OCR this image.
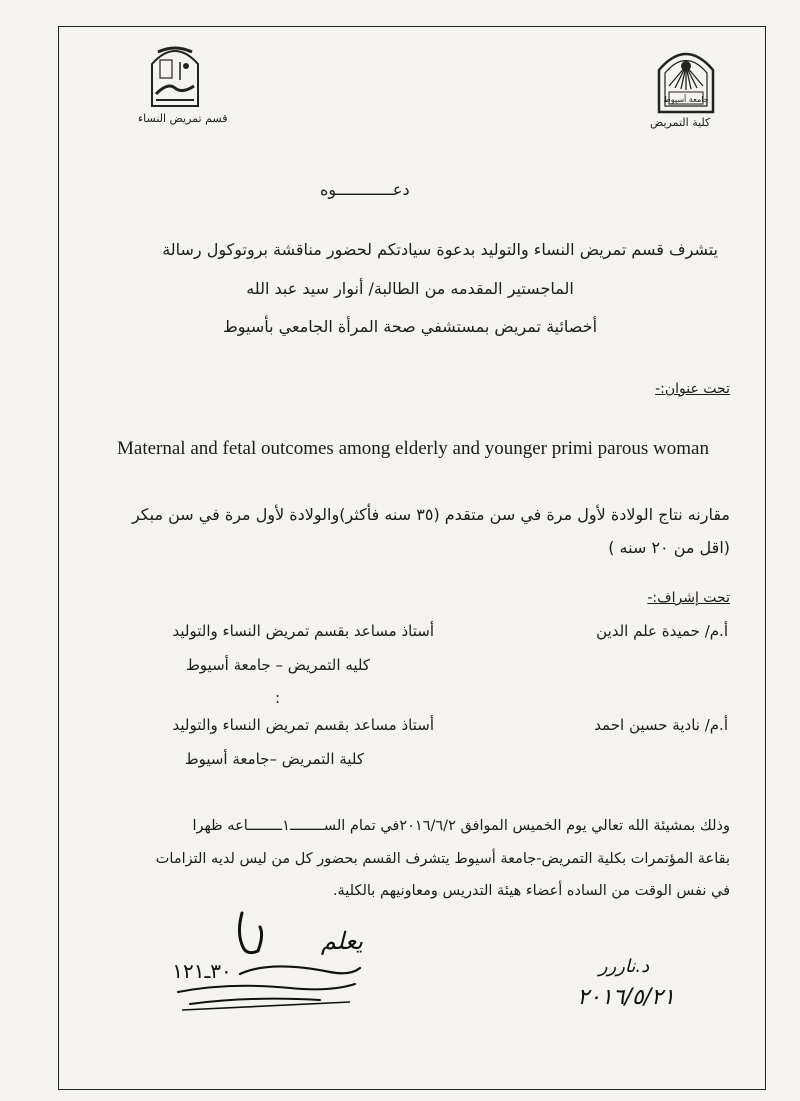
جامعة أسيوط
كلية التمريض
قسم تمريض النساء
دعــــــــــــوه
يتشرف قسم تمريض النساء والتوليد بدعوة سيادتكم لحضور مناقشة بروتوكول رسالة
الماجستير المقدمه من الطالبة/ أنوار سيد عبد الله
أخصائية تمريض بمستشفي صحة المرأة الجامعي بأسيوط
تحت عنوان:-
Maternal and fetal outcomes among elderly and younger primi parous woman
مقارنه نتاج الولادة لأول مرة في سن متقدم (٣٥ سنه فأكثر)والولادة لأول مرة في سن مبكر
(اقل من ٢٠ سنه )
تحت إشراف:-
أ.م/ حميدة علم الدين
أستاذ مساعد بقسم تمريض النساء والتوليد
كليه التمريض – جامعة أسيوط
:
أ.م/ نادية حسين احمد
أستاذ مساعد بقسم تمريض النساء والتوليد
كلية التمريض –جامعة أسيوط
وذلك بمشيئة الله تعالي يوم الخميس الموافق ٢٠١٦/٦/٢في تمام الســــــــ١ــــــــاعه ظهرا
بقاعة المؤتمرات بكلية التمريض-جامعة أسيوط يتشرف القسم بحضور كل من ليس لديه التزامات
في نفس الوقت من الساده أعضاء هيئة التدريس ومعاونيهم بالكلية.
يعلم
٣٠ـ١٢١	د.ناررر
٢٠١٦/٥/٢١
